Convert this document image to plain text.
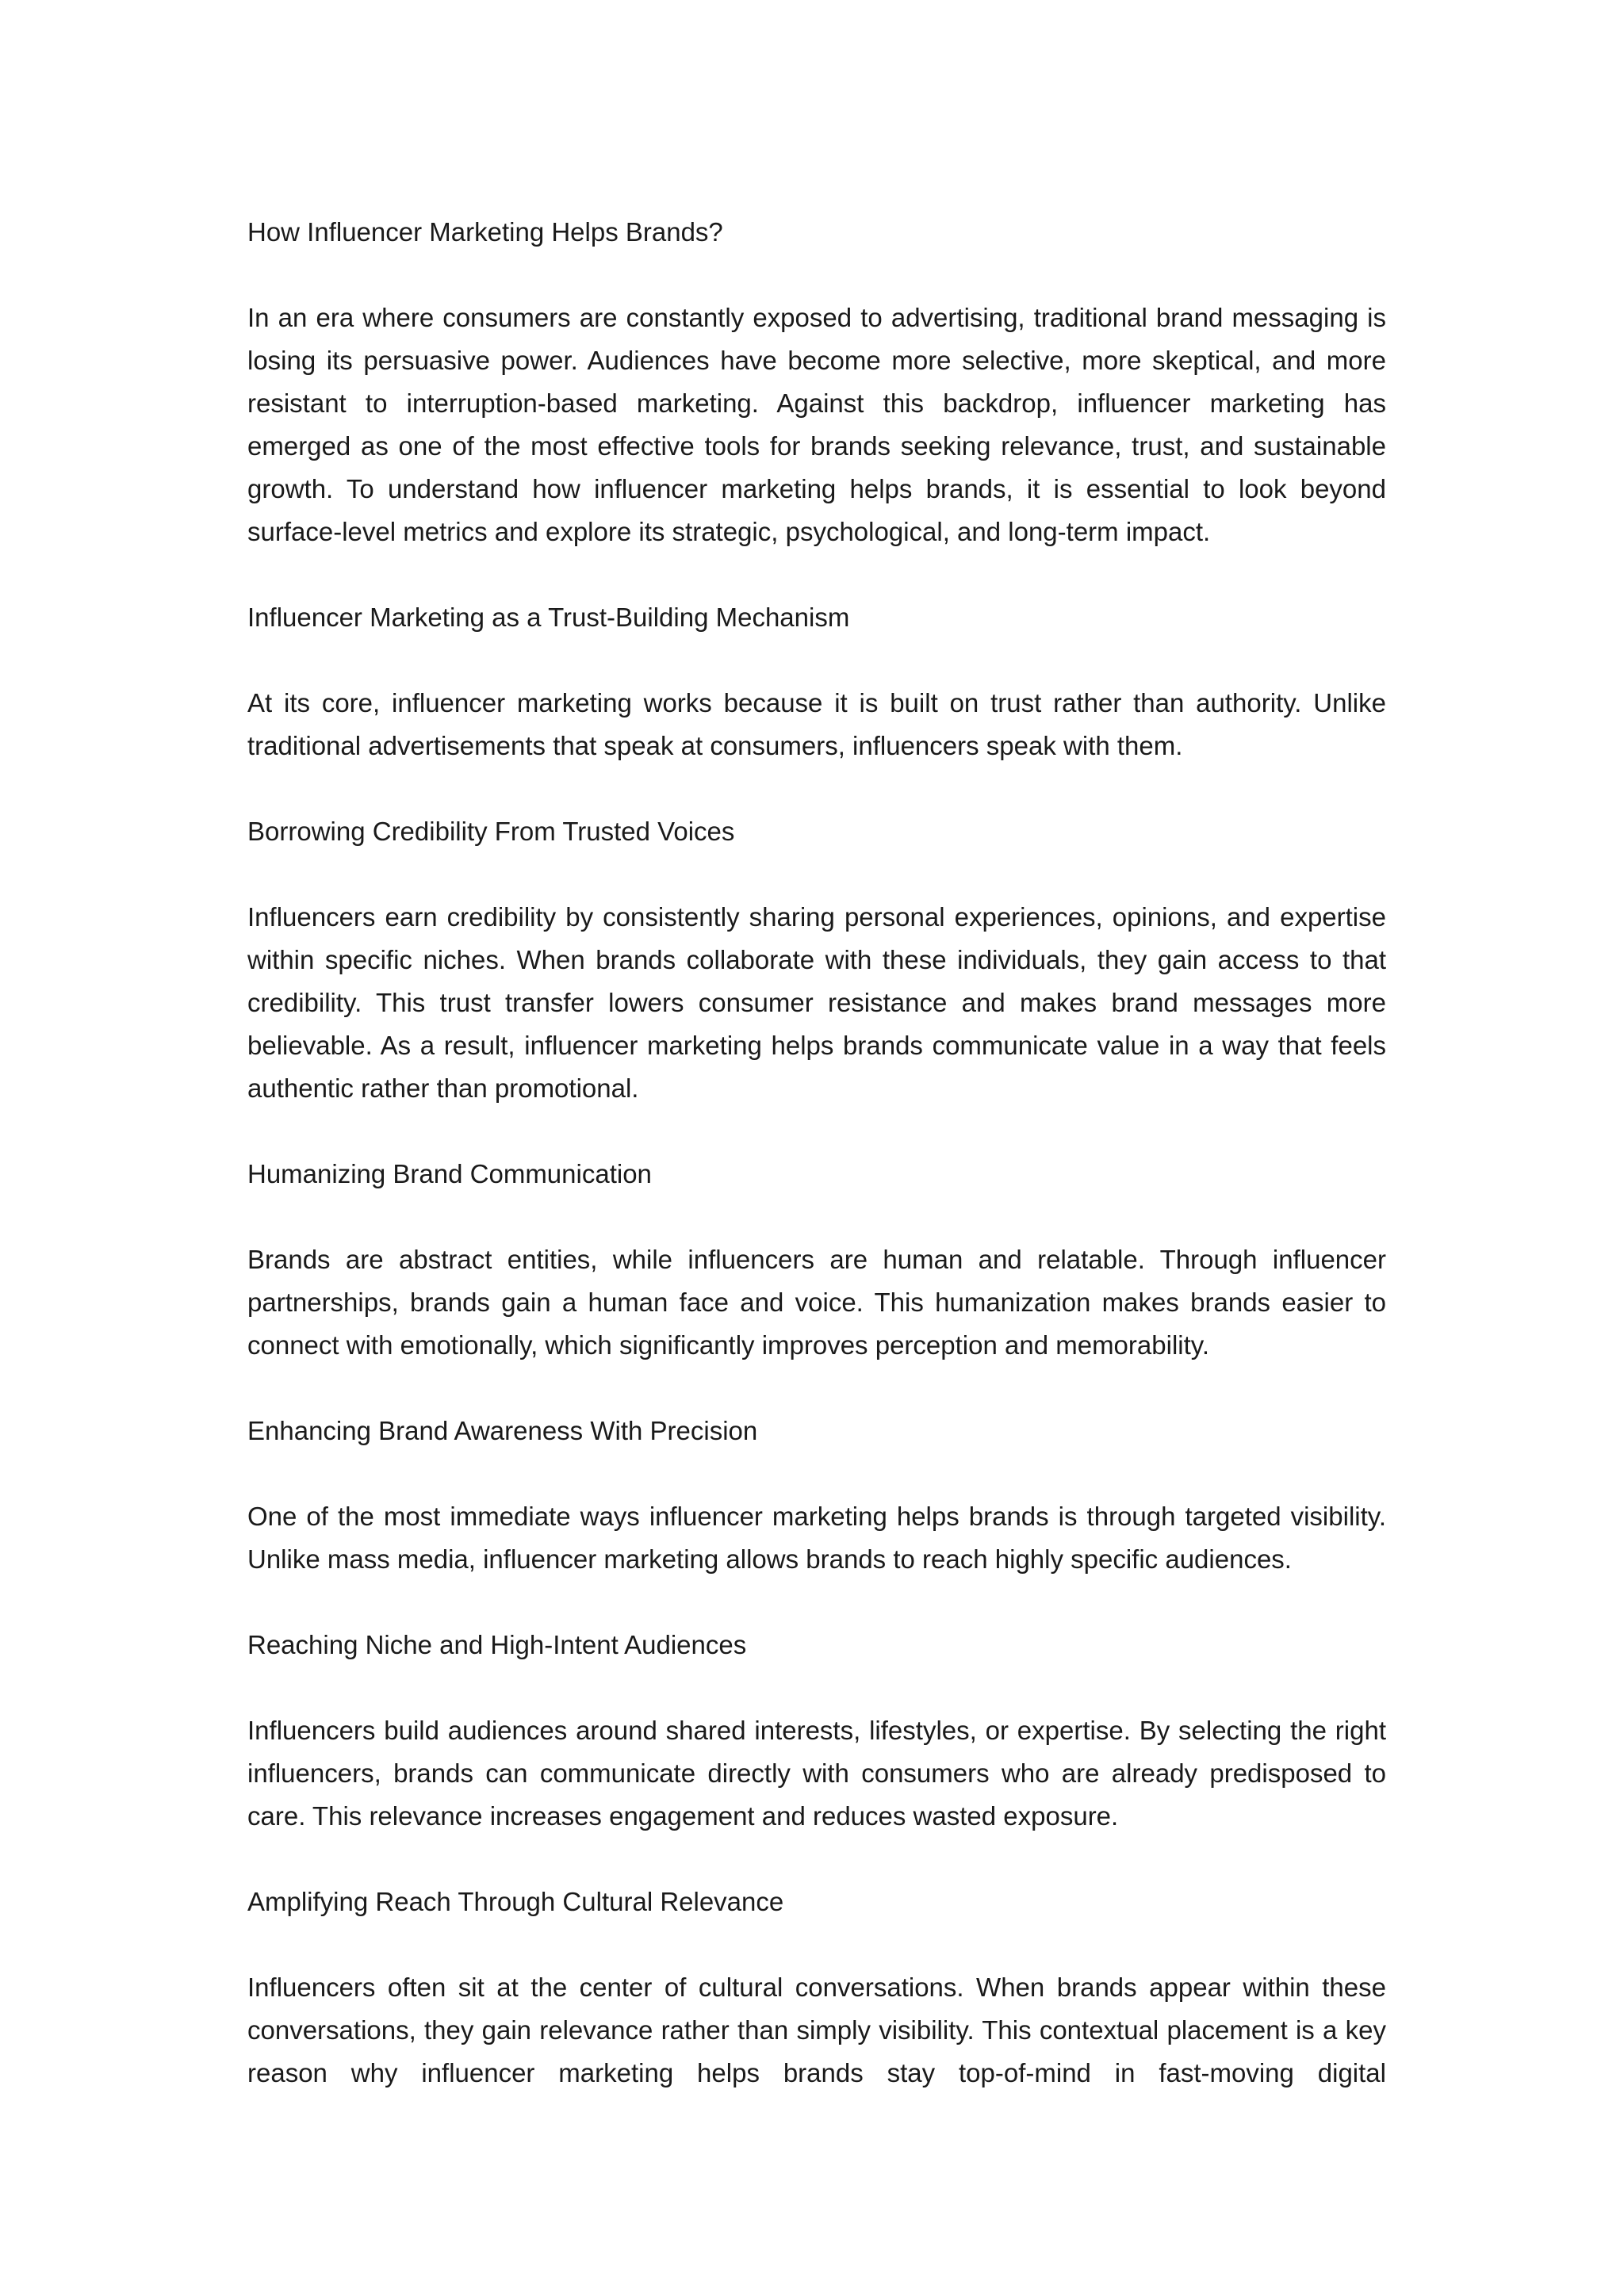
How Influencer Marketing Helps Brands?

In an era where consumers are constantly exposed to advertising, traditional brand messaging is losing its persuasive power. Audiences have become more selective, more skeptical, and more resistant to interruption-based marketing. Against this backdrop, influencer marketing has emerged as one of the most effective tools for brands seeking relevance, trust, and sustainable growth. To understand how influencer marketing helps brands, it is essential to look beyond surface-level metrics and explore its strategic, psychological, and long-term impact.

Influencer Marketing as a Trust-Building Mechanism

At its core, influencer marketing works because it is built on trust rather than authority. Unlike traditional advertisements that speak at consumers, influencers speak with them.

Borrowing Credibility From Trusted Voices

Influencers earn credibility by consistently sharing personal experiences, opinions, and expertise within specific niches. When brands collaborate with these individuals, they gain access to that credibility. This trust transfer lowers consumer resistance and makes brand messages more believable. As a result, influencer marketing helps brands communicate value in a way that feels authentic rather than promotional.

Humanizing Brand Communication

Brands are abstract entities, while influencers are human and relatable. Through influencer partnerships, brands gain a human face and voice. This humanization makes brands easier to connect with emotionally, which significantly improves perception and memorability.

Enhancing Brand Awareness With Precision

One of the most immediate ways influencer marketing helps brands is through targeted visibility. Unlike mass media, influencer marketing allows brands to reach highly specific audiences.

Reaching Niche and High-Intent Audiences

Influencers build audiences around shared interests, lifestyles, or expertise. By selecting the right influencers, brands can communicate directly with consumers who are already predisposed to care. This relevance increases engagement and reduces wasted exposure.

Amplifying Reach Through Cultural Relevance

Influencers often sit at the center of cultural conversations. When brands appear within these conversations, they gain relevance rather than simply visibility. This contextual placement is a key reason why influencer marketing helps brands stay top-of-mind in fast-moving digital
